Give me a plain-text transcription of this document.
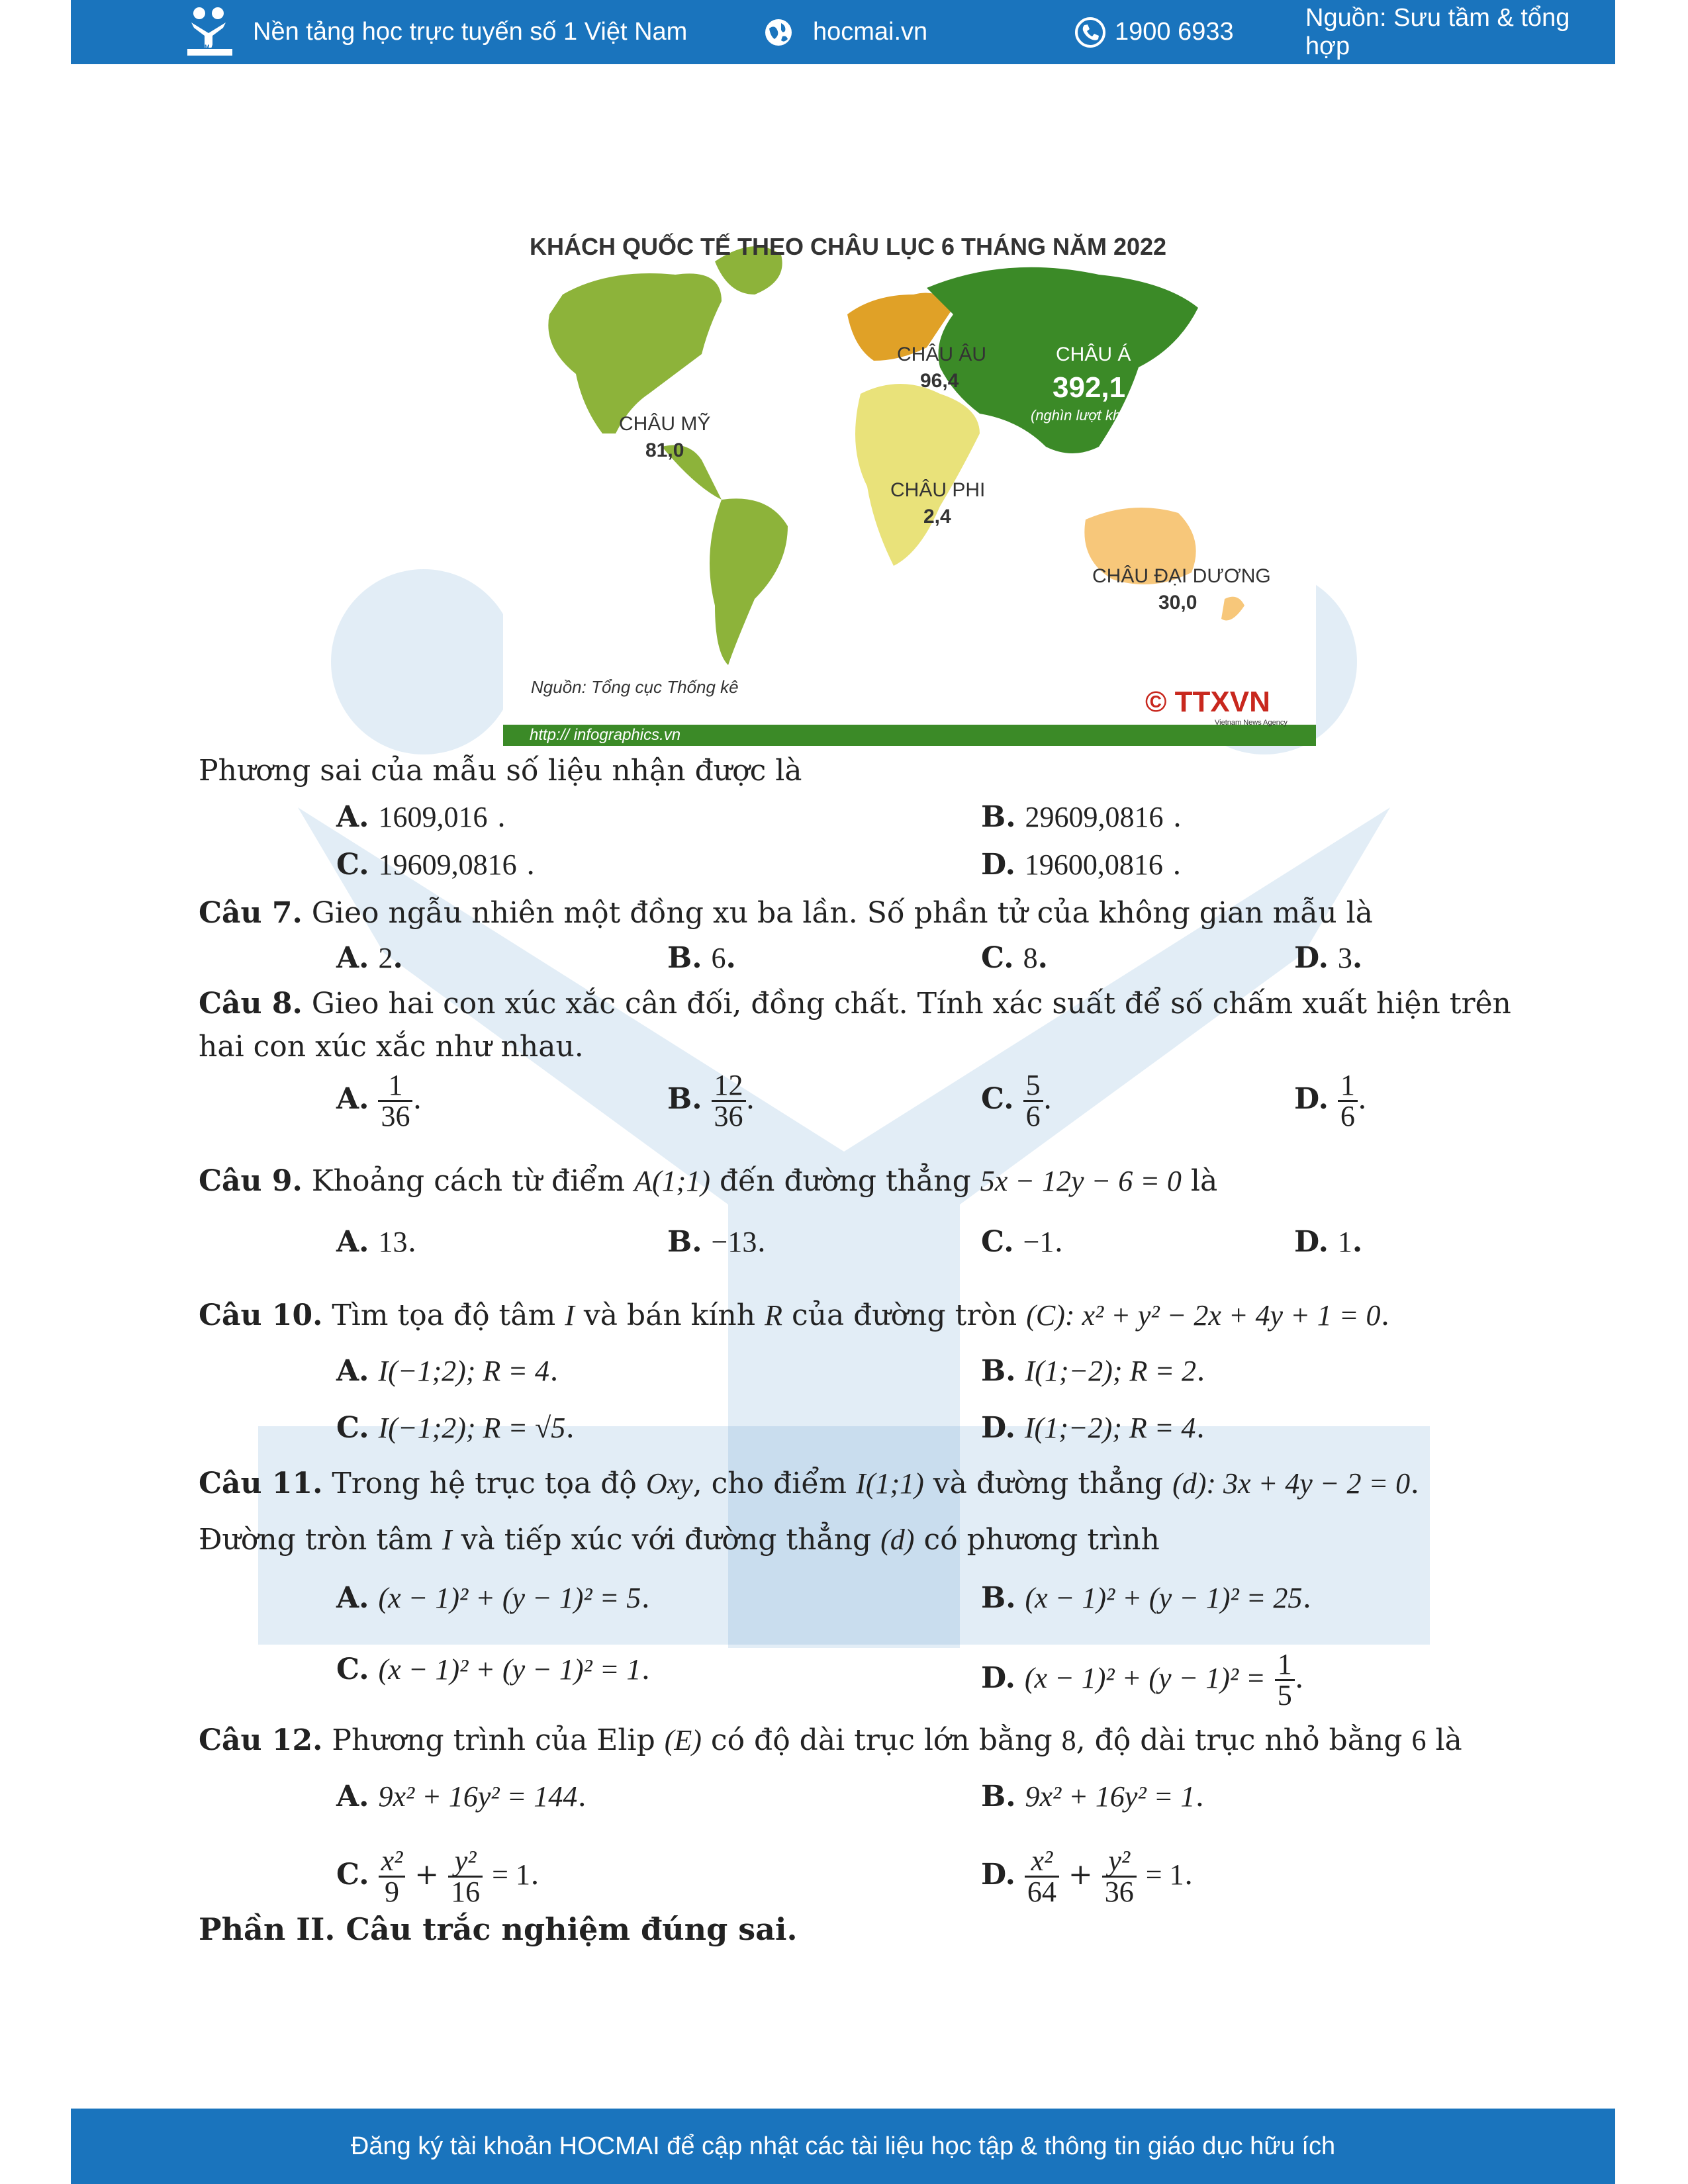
HOCMAI
Nền tảng học trực tuyến số 1 Việt Nam	hocmai.vn	1900 6933
Nguồn: Sưu tầm & tổng hợp
KHÁCH QUỐC TẾ THEO CHÂU LỤC 6 THÁNG NĂM 2022
CHÂU MỸ
81,0
CHÂU ÂU
96,4
CHÂU Á
392,1
(nghìn lượt khách)
CHÂU PHI
2,4
CHÂU ĐẠI DƯƠNG
30,0
Nguồn: Tổng cục Thống kê
http:// infographics.vn
© TTXVN
Vietnam News Agency
Phương sai của mẫu số liệu nhận được là
A. 1609,016 .	B. 29609,0816 .
C. 19609,0816 .	D. 19600,0816 .
Câu 7. Gieo ngẫu nhiên một đồng xu ba lần. Số phần tử của không gian mẫu là
A. 2.	B. 6.	C. 8.	D. 3.
Câu 8. Gieo hai con xúc xắc cân đối, đồng chất. Tính xác suất để số chấm xuất hiện trên
hai con xúc xắc như nhau.
A. $\frac{1}{36}$ .	B. $\frac{12}{36}$ .	C. $\frac{5}{6}$ .	D. $\frac{1}{6}$ .
Câu 9. Khoảng cách từ điểm A(1;1) đến đường thẳng 5x − 12y − 6 = 0 là
A. 13.	B. −13.	C. −1.	D. 1.
Câu 10. Tìm tọa độ tâm I và bán kính R của đường tròn (C): x² + y² − 2x + 4y + 1 = 0.
A. I(−1;2); R = 4.	B. I(1;−2); R = 2.
C. I(−1;2); R = √5.	D. I(1;−2); R = 4.
Câu 11. Trong hệ trục tọa độ Oxy, cho điểm I(1;1) và đường thẳng (d): 3x + 4y − 2 = 0.
Đường tròn tâm I và tiếp xúc với đường thẳng (d) có phương trình
A. (x − 1)² + (y − 1)² = 5.	B. (x − 1)² + (y − 1)² = 25.
C. (x − 1)² + (y − 1)² = 1.	D. $(x - 1)^2 + (y - 1)^2 = \frac{1}{5}$ .
Câu 12. Phương trình của Elip (E) có độ dài trục lớn bằng 8, độ dài trục nhỏ bằng 6 là
A. 9x² + 16y² = 144.	B. 9x² + 16y² = 1.
C. $\frac{\text{x²}}{9} + \frac{\text{y²}}{16} = 1$.	D. $\frac{\text{x²}}{64} + \frac{\text{y²}}{36} = 1$.
Phần II. Câu trắc nghiệm đúng sai.
Đăng ký tài khoản HOCMAI để cập nhật các tài liệu học tập & thông tin giáo dục hữu ích
